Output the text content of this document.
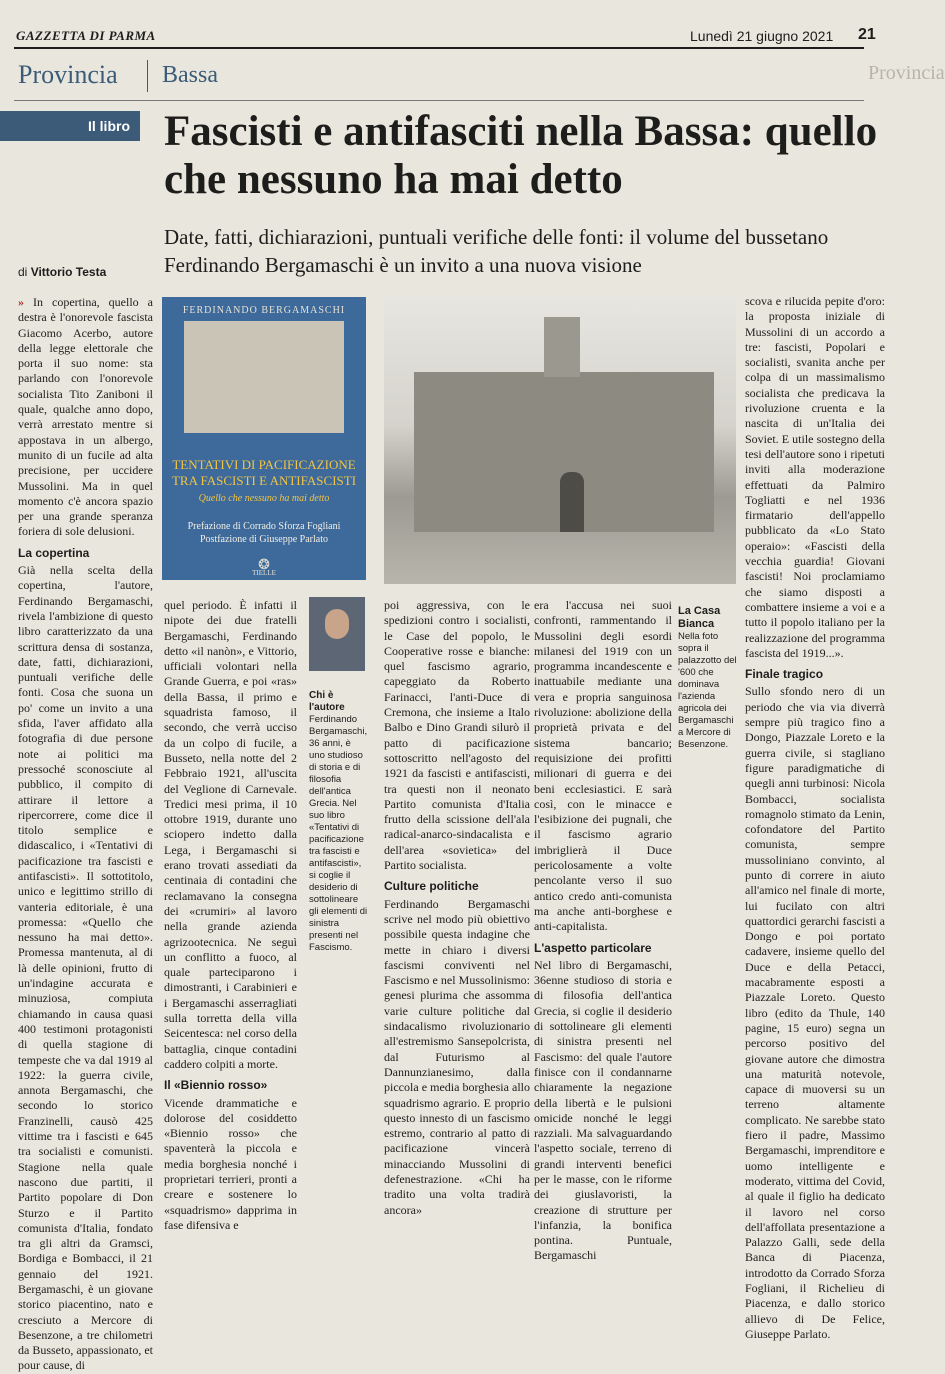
GAZZETTA DI PARMA	Lunedì 21 giugno 2021 21
Provincia Bassa	Provincia
Il libro Fascisti e antifasciti nella Bassa: quello che nessuno ha mai detto
Date, fatti, dichiarazioni, puntuali verifiche delle fonti: il volume del bussetano Ferdinando Bergamaschi è un invito a una nuova visione
di Vittorio Testa
» In copertina, quello a destra è l'onorevole fascista Giacomo Acerbo, autore della legge elettorale che porta il suo nome: sta parlando con l'onorevole socialista Tito Zaniboni il quale, qualche anno dopo, verrà arrestato mentre si appostava in un albergo, munito di un fucile ad alta precisione, per uccidere Mussolini. Ma in quel momento c'è ancora spazio per una grande speranza foriera di sole delusioni.
La copertina
Già nella scelta della copertina, l'autore, Ferdinando Bergamaschi, rivela l'ambizione di questo libro caratterizzato da una scrittura densa di sostanza, date, fatti, dichiarazioni, puntuali verifiche delle fonti. Cosa che suona un po' come un invito a una sfida, l'aver affidato alla fotografia di due persone note ai politici ma pressoché sconosciute al pubblico, il compito di attirare il lettore a ripercorrere, come dice il titolo semplice e didascalico, i «Tentativi di pacificazione tra fascisti e antifascisti». Il sottotitolo, unico e legittimo strillo di vanteria editoriale, è una promessa: «Quello che nessuno ha mai detto». Promessa mantenuta, al di là delle opinioni, frutto di un'indagine accurata e minuziosa, compiuta chiamando in causa quasi 400 testimoni protagonisti di quella stagione di tempeste che va dal 1919 al 1922: la guerra civile, annota Bergamaschi, che secondo lo storico Franzinelli, causò 425 vittime tra i fascisti e 645 tra socialisti e comunisti. Stagione nella quale nascono due partiti, il Partito popolare di Don Sturzo e il Partito comunista d'Italia, fondato tra gli altri da Gramsci, Bordiga e Bombacci, il 21 gennaio del 1921. Bergamaschi, è un giovane storico piacentino, nato e cresciuto a Mercore di Besenzone, a tre chilometri da Busseto, appassionato, et pour cause, di
FERDINANDO BERGAMASCHI
TENTATIVI DI PACIFICAZIONE TRA FASCISTI E ANTIFASCISTI
Quello che nessuno ha mai detto
Prefazione di Corrado Sforza Fogliani
Postfazione di Giuseppe Parlato
❂
TIELLE
quel periodo. È infatti il nipote dei due fratelli Bergamaschi, Ferdinando detto «il nanòn», e Vittorio, ufficiali volontari nella Grande Guerra, e poi «ras» della Bassa, il primo e squadrista famoso, il secondo, che verrà ucciso da un colpo di fucile, a Busseto, nella notte del 2 Febbraio 1921, all'uscita del Veglione di Carnevale. Tredici mesi prima, il 10 ottobre 1919, durante uno sciopero indetto dalla Lega, i Bergamaschi si erano trovati assediati da centinaia di contadini che reclamavano la consegna dei «crumiri» al lavoro nella grande azienda agrizootecnica. Ne seguì un conflitto a fuoco, al quale parteciparono i dimostranti, i Carabinieri e i Bergamaschi asserragliati sulla torretta della villa Seicentesca: nel corso della battaglia, cinque contadini caddero colpiti a morte.
Il «Biennio rosso»
Vicende drammatiche e dolorose del cosiddetto «Biennio rosso» che spaventerà la piccola e media borghesia nonché i proprietari terrieri, pronti a creare e sostenere lo «squadrismo» dapprima in fase difensiva e
Chi è l'autore
Ferdinando Bergamaschi, 36 anni, è uno studioso di storia e di filosofia dell'antica Grecia. Nel suo libro «Tentativi di pacificazione tra fascisti e antifascisti», si coglie il desiderio di sottolineare gli elementi di sinistra presenti nel Fascismo.
poi aggressiva, con le spedizioni contro i socialisti, le Case del popolo, le Cooperative rosse e bianche: quel fascismo agrario, capeggiato da Roberto Farinacci, l'anti-Duce di Cremona, che insieme a Italo Balbo e Dino Grandi silurò il patto di pacificazione sottoscritto nell'agosto del 1921 da fascisti e antifascisti, tra questi non il neonato Partito comunista d'Italia frutto della scissione dell'ala radical-anarco-sindacalista e dell'area «sovietica» del Partito socialista.
Culture politiche
Ferdinando Bergamaschi scrive nel modo più obiettivo possibile questa indagine che mette in chiaro i diversi fascismi conviventi nel Fascismo e nel Mussolinismo: genesi plurima che assomma varie culture politiche dal sindacalismo rivoluzionario all'estremismo Sansepolcrista, dal Futurismo al Dannunzianesimo, dalla piccola e media borghesia allo squadrismo agrario. E proprio questo innesto di un fascismo estremo, contrario al patto di pacificazione vincerà minacciando Mussolini di defenestrazione. «Chi ha tradito una volta tradirà ancora»
era l'accusa nei suoi confronti, rammentando il Mussolini degli esordi milanesi del 1919 con un programma incandescente e inattuabile mediante una vera e propria sanguinosa rivoluzione: abolizione della proprietà privata e del sistema bancario; requisizione dei profitti milionari di guerra e dei beni ecclesiastici. E sarà così, con le minacce e l'esibizione dei pugnali, che il fascismo agrario imbriglierà il Duce pericolosamente a volte pencolante verso il suo antico credo anti-comunista ma anche anti-borghese e anti-capitalista.
L'aspetto particolare
Nel libro di Bergamaschi, 36enne studioso di storia e di filosofia dell'antica Grecia, si coglie il desiderio di sottolineare gli elementi di sinistra presenti nel Fascismo: del quale l'autore finisce con il condannarne chiaramente la negazione della libertà e le pulsioni omicide nonché le leggi razziali. Ma salvaguardando l'aspetto sociale, terreno di grandi interventi benefici per le masse, con le riforme dei giuslavoristi, la creazione di strutture per l'infanzia, la bonifica pontina. Puntuale, Bergamaschi
La Casa Bianca
Nella foto sopra il palazzotto del '600 che dominava l'azienda agricola dei Bergamaschi a Mercore di Besenzone.
scova e rilucida pepite d'oro: la proposta iniziale di Mussolini di un accordo a tre: fascisti, Popolari e socialisti, svanita anche per colpa di un massimalismo socialista che predicava la rivoluzione cruenta e la nascita di un'Italia dei Soviet. E utile sostegno della tesi dell'autore sono i ripetuti inviti alla moderazione effettuati da Palmiro Togliatti e nel 1936 firmatario dell'appello pubblicato da «Lo Stato operaio»: «Fascisti della vecchia guardia! Giovani fascisti! Noi proclamiamo che siamo disposti a combattere insieme a voi e a tutto il popolo italiano per la realizzazione del programma fascista del 1919...».
Finale tragico
Sullo sfondo nero di un periodo che via via diverrà sempre più tragico fino a Dongo, Piazzale Loreto e la guerra civile, si stagliano figure paradigmatiche di quegli anni turbinosi: Nicola Bombacci, socialista romagnolo stimato da Lenin, cofondatore del Partito comunista, sempre mussoliniano convinto, al punto di correre in aiuto all'amico nel finale di morte, lui fucilato con altri quattordici gerarchi fascisti a Dongo e poi portato cadavere, insieme quello del Duce e della Petacci, macabramente esposti a Piazzale Loreto. Questo libro (edito da Thule, 140 pagine, 15 euro) segna un percorso positivo del giovane autore che dimostra una maturità notevole, capace di muoversi su un terreno altamente complicato. Ne sarebbe stato fiero il padre, Massimo Bergamaschi, imprenditore e uomo intelligente e moderato, vittima del Covid, al quale il figlio ha dedicato il lavoro nel corso dell'affollata presentazione a Palazzo Galli, sede della Banca di Piacenza, introdotto da Corrado Sforza Fogliani, il Richelieu di Piacenza, e dallo storico allievo di De Felice, Giuseppe Parlato.
